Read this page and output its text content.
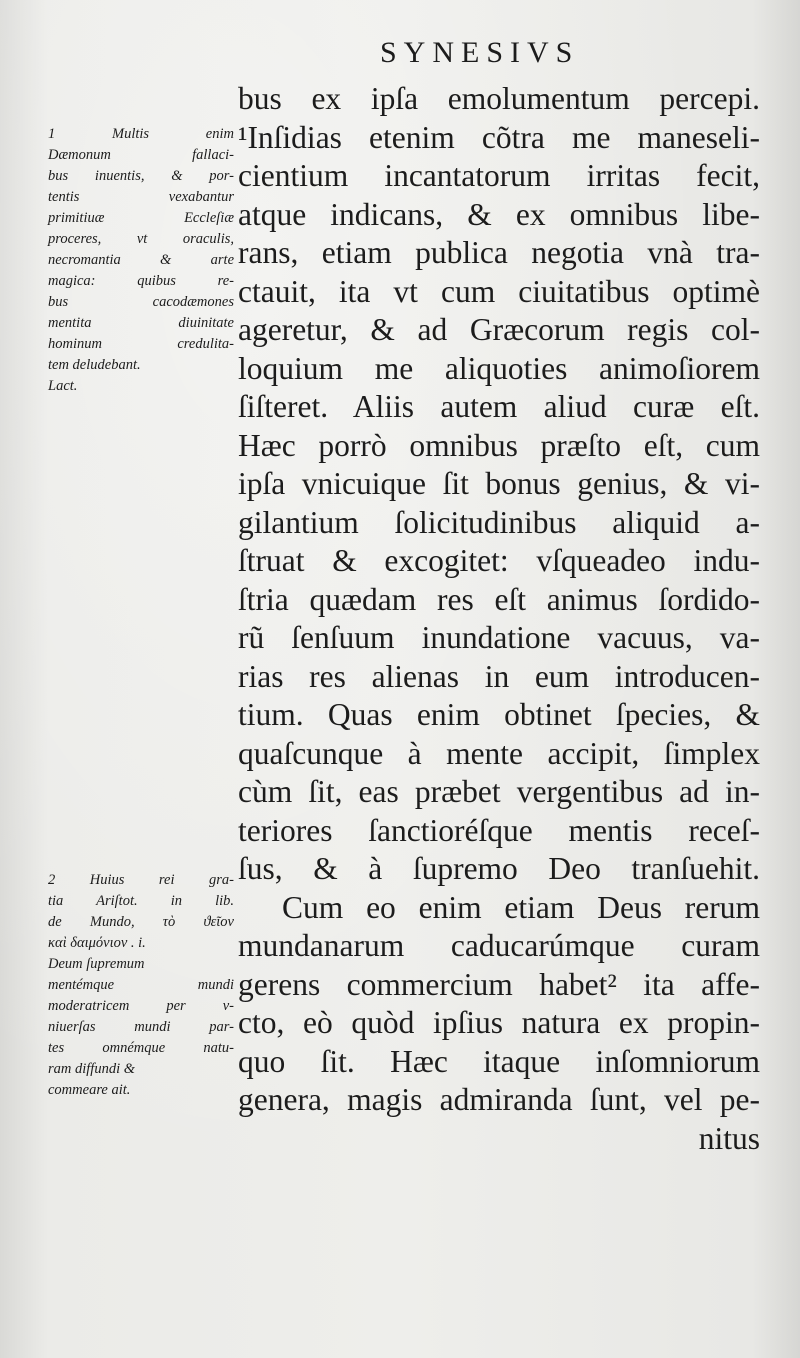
SYNESIVS
1 Multis enim
Dæmonum fallaci-
bus inuentis, & por-
tentis vexabantur
primitiuæ Eccleſiæ
proceres, vt oraculis,
necromantia & arte
magica: quibus re-
bus cacodæmones
mentita diuinitate
hominum credulita-
tem deludebant.
Lact.
2 Huius rei gra-
tia Ariſtot. in lib.
de Mundo, τὸ ϑεῖον
καὶ δαιμόνιον . i.
Deum ſupremum
mentémque mundi
moderatricem per v-
niuerſas mundi par-
tes omnémque natu-
ram diffundi &
commeare ait.
bus ex ipſa emolumentum percepi.
¹Inſidias etenim cõtra me maneseli-
cientium incantatorum irritas fecit,
atque indicans, & ex omnibus libe-
rans, etiam publica negotia vnà tra-
ctauit, ita vt cum ciuitatibus optimè
ageretur, & ad Græcorum regis col-
loquium me aliquoties animoſiorem
ſiſteret. Aliis autem aliud curæ eſt.
Hæc porrò omnibus præſto eſt, cum
ipſa vnicuique ſit bonus genius, & vi-
gilantium ſolicitudinibus aliquid a-
ſtruat & excogitet: vſqueadeo indu-
ſtria quædam res eſt animus ſordido-
rũ ſenſuum inundatione vacuus, va-
rias res alienas in eum introducen-
tium. Quas enim obtinet ſpecies, &
quaſcunque à mente accipit, ſimplex
cùm ſit, eas præbet vergentibus ad in-
teriores ſanctioréſque mentis receſ-
ſus, & à ſupremo Deo tranſuehit.
Cum eo enim etiam Deus rerum
mundanarum caducarúmque curam
gerens commercium habet² ita affe-
cto, eò quòd ipſius natura ex propin-
quo ſit. Hæc itaque inſomniorum
genera, magis admiranda ſunt, vel pe-
nitus
